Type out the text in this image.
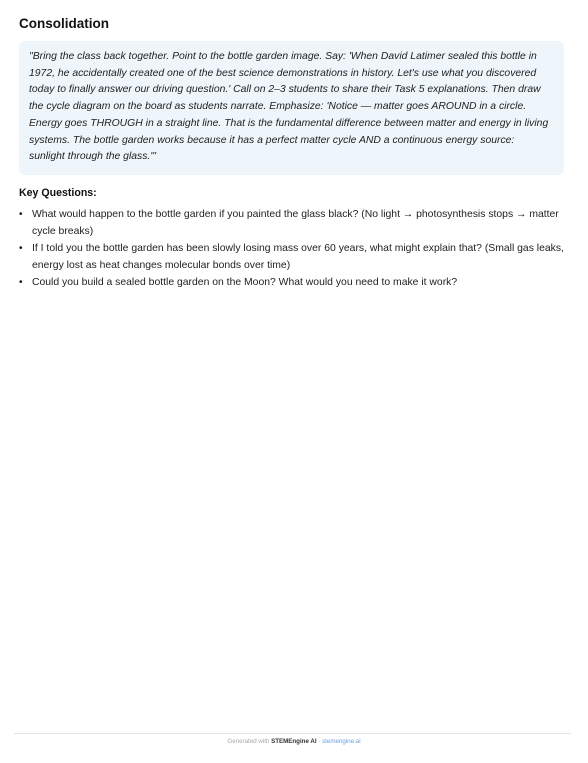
Consolidation
"Bring the class back together. Point to the bottle garden image. Say: 'When David Latimer sealed this bottle in 1972, he accidentally created one of the best science demonstrations in history. Let's use what you discovered today to finally answer our driving question.' Call on 2–3 students to share their Task 5 explanations. Then draw the cycle diagram on the board as students narrate. Emphasize: 'Notice — matter goes AROUND in a circle. Energy goes THROUGH in a straight line. That is the fundamental difference between matter and energy in living systems. The bottle garden works because it has a perfect matter cycle AND a continuous energy source: sunlight through the glass.'"
Key Questions:
• What would happen to the bottle garden if you painted the glass black? (No light → photosynthesis stops → matter cycle breaks)
• If I told you the bottle garden has been slowly losing mass over 60 years, what might explain that? (Small gas leaks, energy lost as heat changes molecular bonds over time)
• Could you build a sealed bottle garden on the Moon? What would you need to make it work?
Generated with STEMEngine AI · stemengine.ai
